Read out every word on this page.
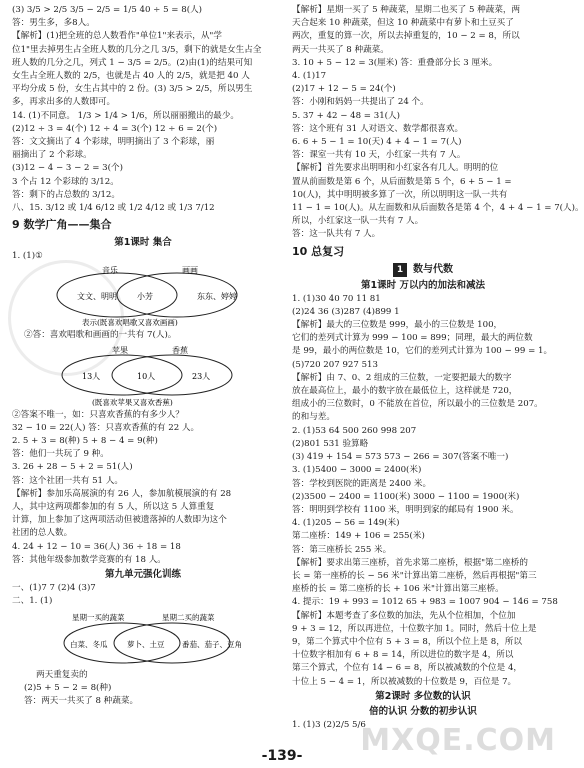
(3) 3/5 > 2/5 3/5 − 2/5 = 1/5 40 ÷ 5 = 8(人)
答：男生多，多8人。
【解析】(1)把全班的总人数看作"单位1"来表示，从"学
位1"里去掉男生占全班人数的几分之几 3/5，剩下的就是女生占全
班人数的几分之几，列式 1 − 3/5 = 2/5。(2)由(1)的结果可知
女生占全班人数的 2/5，也就是占 40 人的 2/5，就是把 40 人
平均分成 5 份，女生占其中的 2 份。(3) 3/5 > 2/5，所以男生
多，再求出多的人数即可。
14. (1)不同意。 1/3 > 1/4 > 1/6，所以丽丽搬出的最少。
(2)12 ÷ 3 = 4(个) 12 ÷ 4 = 3(个) 12 ÷ 6 = 2(个)
答：文文摘出了 4 个彩球，明明摘出了 3 个彩球，丽
丽摘出了 2 个彩球。
(3)12 − 4 − 3 − 2 = 3(个)
3 个占 12 个彩球的 3/12。
答：剩下的占总数的 3/12。
八、15. 3/12 或 1/4 6/12 或 1/2 4/12 或 1/3 7/12
9 数学广角——集合
第1课时 集合
1. (1)①
音乐	画画
文文、明明	小芳	东东、婷婷
表示(既喜欢唱歌又喜欢画画)
②答：喜欢唱歌和画画的一共有 7(人)。
苹果	香蕉
13人	10人	23人
(既喜欢苹果又喜欢香蕉)
②答案不唯一，如：只喜欢香蕉的有多少人？
32 − 10 = 22(人) 答：只喜欢香蕉的有 22 人。
2. 5 + 3 = 8(种) 5 + 8 − 4 = 9(种)
答：他们一共玩了 9 种。
3. 26 + 28 − 5 + 2 = 51(人)
答：这个社团一共有 51 人。
【解析】参加乐高展演的有 26 人，参加航模展演的有 28
人，其中这两项都参加的有 5 人，所以这 5 人算重复
计算，加上参加了这两项活动但被遗落掉的人数即为这个
社团的总人数。
4. 24 + 12 − 10 = 36(人) 36 ÷ 18 = 18
答：其他年级参加数学竞赛的有 18 人。
第九单元强化训练
一、(1)7 7 (2)4 (3)7
二、1. (1)
星期一买的蔬菜	星期二买的蔬菜
白菜、冬瓜	萝卜、土豆 番茄、茄子、豆角
两天重复卖的
(2)5 + 5 − 2 = 8(种)
答：两天一共买了 8 种蔬菜。
【解析】星期一买了 5 种蔬菜，星期二也买了 5 种蔬菜，两
天合起来 10 种蔬菜，但这 10 种蔬菜中有萝卜和土豆买了
两次，重复的算一次，所以去掉重复的，10 − 2 = 8，所以
两天一共买了 8 种蔬菜。
3. 10 + 5 − 12 = 3(厘米) 答：重叠部分长 3 厘米。
4. (1)17
(2)17 + 12 − 5 = 24(个)
答：小刚和妈妈一共提出了 24 个。
5. 37 + 42 − 48 = 31(人)
答：这个班有 31 人对语文、数学都很喜欢。
6. 6 + 5 − 1 = 10(天) 4 + 4 − 1 = 7(人)
答：课室一共有 10 天，小红家一共有 7 人。
【解析】首先要求出明明和小红家各有几人。明明的位
置从前面数是第 6 个，从后面数是第 5 个，6 + 5 − 1 =
10(人)，其中明明被多算了一次，所以明明这一队一共有
11 − 1 = 10(人)。从左面数和从后面数各是第 4 个，4 + 4 − 1 = 7(人)。
所以，小红家这一队一共有 7 人。
答：这一队共有 7 人。
10 总复习
1 数与代数
第1课时 万以内的加法和减法
1. (1)30 40 70 11 81
(2)24 36 (3)287 (4)899 1
【解析】最大的三位数是 999，最小的三位数是 100，
它们的差列式计算为 999 − 100 = 899；同理，最大的两位数
是 99，最小的两位数是 10，它们的差列式计算为 100 − 99 = 1。
(5)720 207 927 513
【解析】由 7、0、2 组成的三位数，一定要把最大的数字
放在最高位上，最小的数字放在最低位上，这样就是 720，
组成小的三位数时，0 不能放在首位，所以最小的三位数是 207。
的和与差。
2. (1)53 64 500 260 998 207
(2)801 531 验算略
(3) 419 + 154 = 573 573 − 266 = 307(答案不唯一)
3. (1)5400 − 3000 = 2400(米)
答：学校到医院的距离是 2400 米。
(2)3500 − 2400 = 1100(米) 3000 − 1100 = 1900(米)
答：明明到学校有 1100 米，明明到家的邮局有 1900 米。
4. (1)205 − 56 = 149(米)
第二座桥：149 + 106 = 255(米)
答：第三座桥长 255 米。
【解析】要求出第三座桥，首先求第二座桥，根据"第二座桥的
长 = 第一座桥的长 − 56 米"计算出第二座桥，然后再根据"第三
座桥的长 = 第二座桥的长 + 106 米"计算出第三座桥。
4. 提示：19 + 993 = 1012 65 + 983 = 1007 904 − 146 = 758
【解析】本题考查了多位数的加法，先从个位相加，个位加
9 + 3 = 12，所以再进位，十位数字加 1。同时，然后十位上是
9，第二个算式中个位有 5 + 3 = 8，所以个位上是 8，所以
十位数字相加有 6 + 8 = 14，所以进位的数字是 4，所以
第三个算式，个位有 14 − 6 = 8，所以被减数的个位是 4，
十位上 5 − 4 = 1，所以被减数的十位数是 9，百位是 7。
第2课时 多位数的认识
倍的认识 分数的初步认识
1. (1)3 (2)2/5 5/6
-139-	MXQE.COM
